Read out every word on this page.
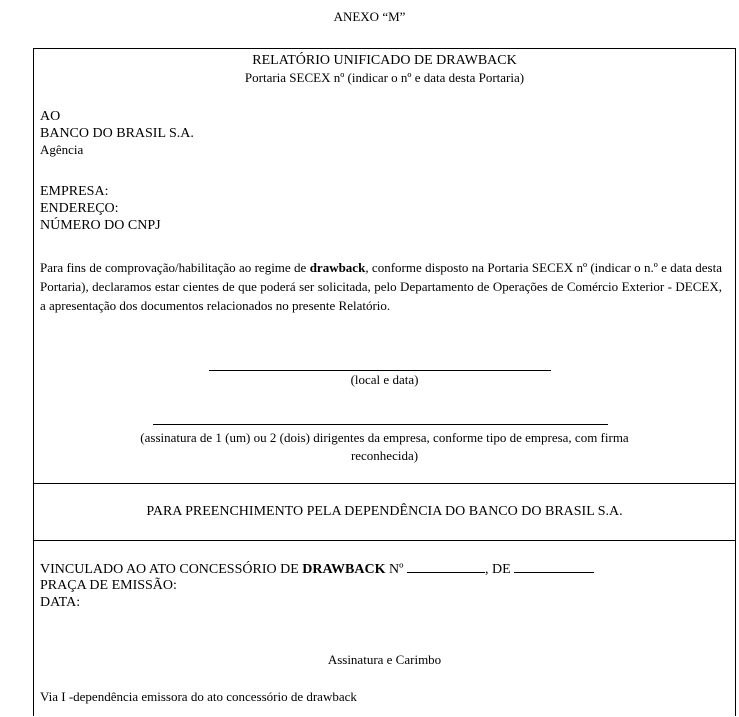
ANEXO “M”
RELATÓRIO UNIFICADO DE DRAWBACK
Portaria SECEX nº (indicar o nº e data desta Portaria)
AO
BANCO DO BRASIL S.A.
Agência
EMPRESA:
ENDEREÇO:
NÚMERO DO CNPJ
Para fins de comprovação/habilitação ao regime de drawback, conforme disposto na Portaria SECEX nº (indicar o n.º e data desta Portaria), declaramos estar cientes de que poderá ser solicitada, pelo Departamento de Operações de Comércio Exterior - DECEX, a apresentação dos documentos relacionados no presente Relatório.
(local e data)
(assinatura de 1 (um) ou 2 (dois) dirigentes da empresa, conforme tipo de empresa, com firma
reconhecida)
PARA PREENCHIMENTO PELA DEPENDÊNCIA DO BANCO DO BRASIL S.A.
VINCULADO AO ATO CONCESSÓRIO DE DRAWBACK Nº	, DE
PRAÇA DE EMISSÃO:
DATA:
Assinatura e Carimbo
Via I -dependência emissora do ato concessório de drawback
